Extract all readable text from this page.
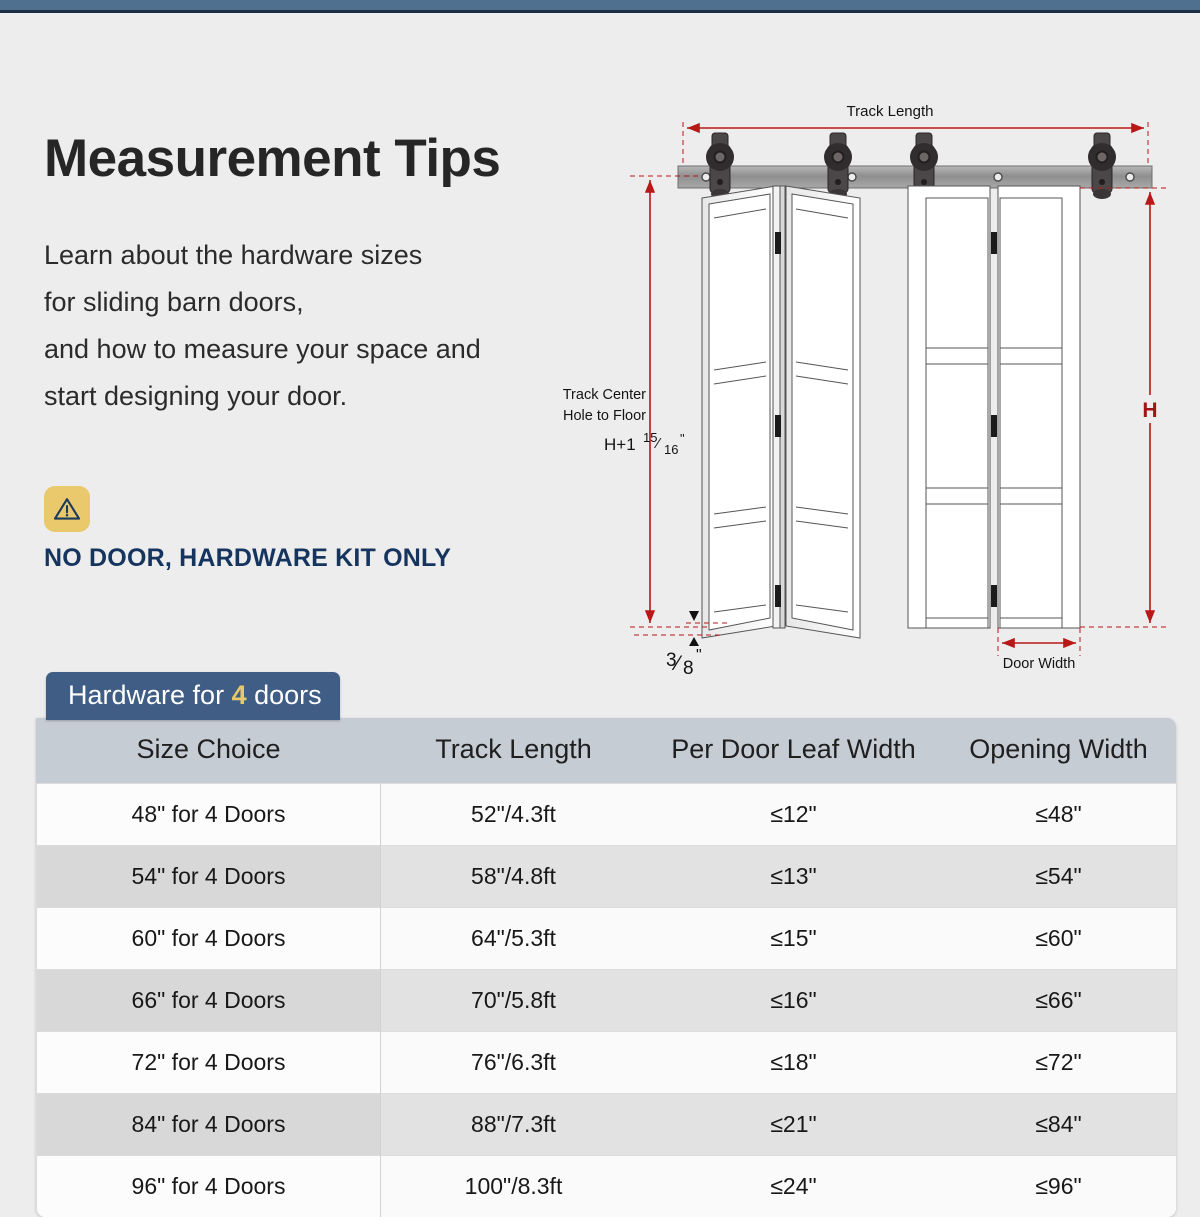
Measurement Tips
Learn about the hardware sizes
for sliding barn doors,
and how to measure your space and
start designing your door.
NO DOOR, HARDWARE KIT ONLY
Track Length
Track Center
Hole to Floor
H+1 15 ⁄ 16
"
3 ⁄ 8
"
H
Door Width
Hardware for 4 doors
Size Choice	Track Length	Per Door Leaf Width	Opening Width
48" for 4 Doors	52"/4.3ft	≤12"	≤48"
54" for 4 Doors	58"/4.8ft	≤13"	≤54"
60" for 4 Doors	64"/5.3ft	≤15"	≤60"
66" for 4 Doors	70"/5.8ft	≤16"	≤66"
72" for 4 Doors	76"/6.3ft	≤18"	≤72"
84" for 4 Doors	88"/7.3ft	≤21"	≤84"
96" for 4 Doors	100"/8.3ft	≤24"	≤96"
